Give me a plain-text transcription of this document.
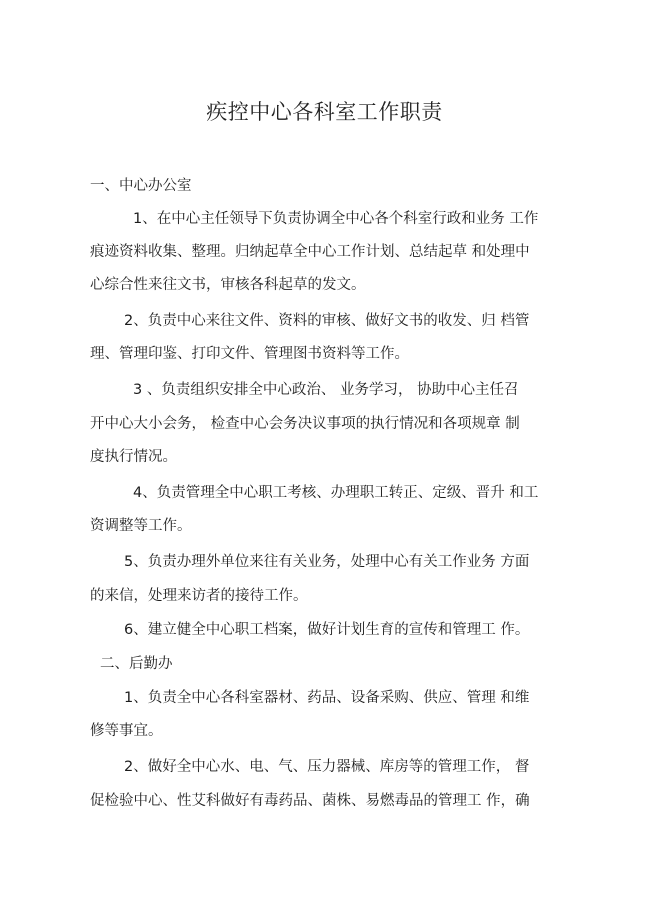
疾控中心各科室工作职责
一、中心办公室
1、在中心主任领导下负责协调全中心各个科室行政和业务 工作
痕迹资料收集、整理。归纳起草全中心工作计划、总结起草 和处理中
心综合性来往文书，审核各科起草的发文。
2、负责中心来往文件、资料的审核、做好文书的收发、归 档管
理、管理印鉴、打印文件、管理图书资料等工作。
3 、负责组织安排全中心政治、 业务学习， 协助中心主任召
开中心大小会务， 检查中心会务决议事项的执行情况和各项规章 制
度执行情况。
4、负责管理全中心职工考核、办理职工转正、定级、晋升 和工
资调整等工作。
5、负责办理外单位来往有关业务，处理中心有关工作业务 方面
的来信，处理来访者的接待工作。
6、建立健全中心职工档案，做好计划生育的宣传和管理工 作。
二、后勤办
1、负责全中心各科室器材、药品、设备采购、供应、管理 和维
修等事宜。
2、做好全中心水、电、气、压力器械、库房等的管理工作， 督
促检验中心、性艾科做好有毒药品、菌株、易燃毒品的管理工 作，确
